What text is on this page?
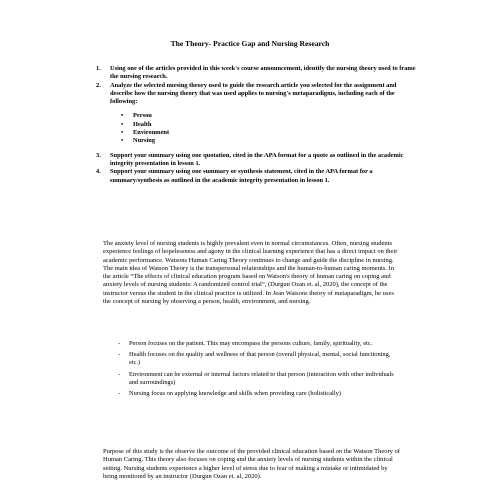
The Theory- Practice Gap and Nursing Research
1. Using one of the articles provided in this week's course announcement, identify the nursing theory used to frame the nursing research.
2. Analyze the selected nursing theory used to guide the research article you selected for the assignment and describe how the nursing theory that was used applies to nursing's metaparadigms, including each of the following:
• Person
• Health
• Environment
• Nursing
3. Support your summary using one quotation, cited in the APA format for a quote as outlined in the academic integrity presentation in lesson 1.
4. Support your summary using one summary or synthesis statement, cited in the APA format for a summary/synthesis as outlined in the academic integrity presentation in lesson 1.

The anxiety level of nursing students is highly prevalent even in normal circumstances. Often, nursing students experience feelings of hopelessness and agony in the clinical learning experience that has a direct impact on their academic performance. Watsons Human Caring Theory continues to change and guide the discipline in nursing. The main idea of Watson Theory is the transpersonal relationships and the human-to-human caring moments. In the article “The effects of clinical education program based on Watson's theory of human caring on coping and anxiety levels of nursing students: A randomized control trial”, (Durgun Ozan et. al, 2020), the concept of the instructor versus the student in the clinical practice is utilized. In Jean Watsons theory of metaparadigm, he uses the concept of nursing by observing a person, health, environment, and nursing.

- Person focuses on the patient. This may encompass the persons culture, family, spirituality, etc.
- Health focuses on the quality and wellness of that person (overall physical, mental, social functioning, etc.)
- Environment can be external or internal factors related to that person (interaction with other individuals and surroundings)
- Nursing focus on applying knowledge and skills when providing care (holistically)

Purpose of this study is the observe the outcome of the provided clinical education based on the Watson Theory of Human Caring. This theory also focuses on coping and the anxiety levels of nursing students within the clinical setting. Nursing students experience a higher level of stress due to fear of making a mistake or intimidated by being monitored by an instructor (Durgun Ozan et. al, 2020).
